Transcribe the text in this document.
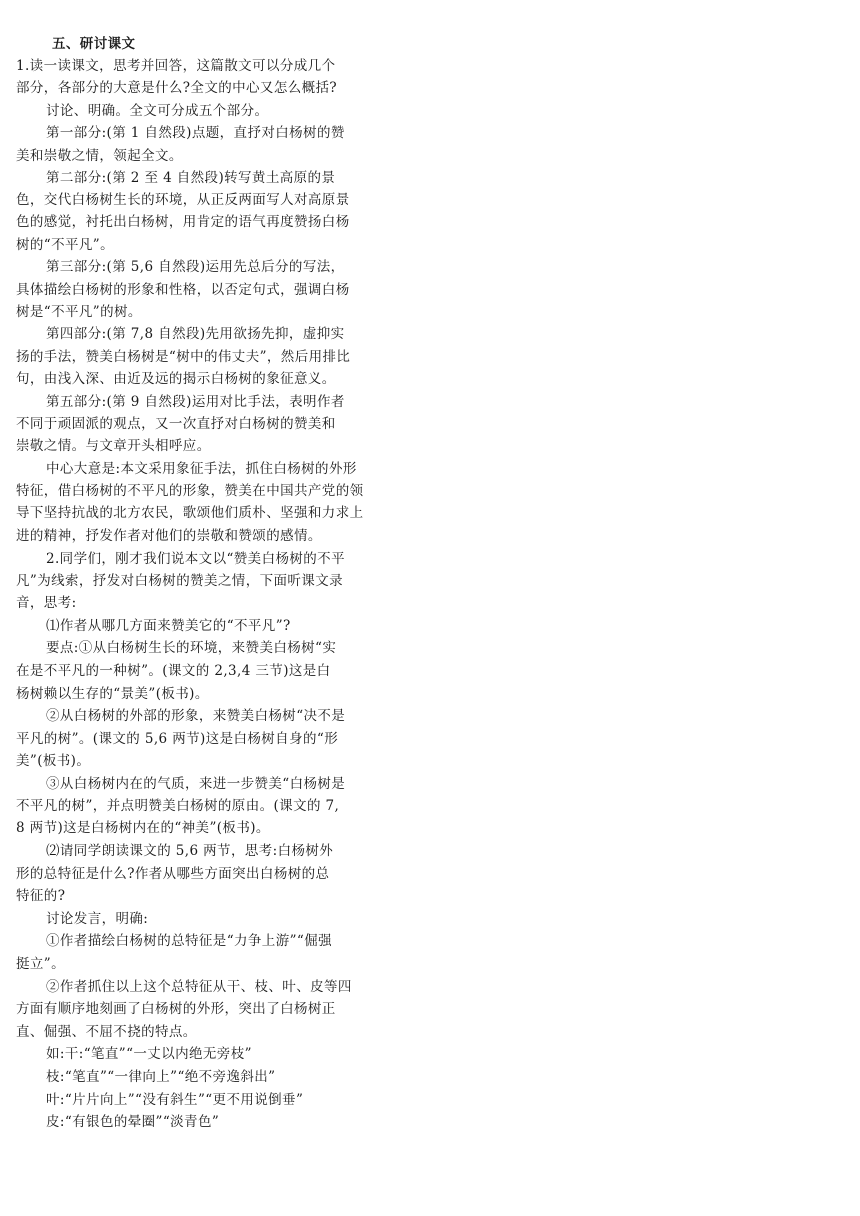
五、研讨课文
1.读一读课文，思考并回答，这篇散文可以分成几个
部分，各部分的大意是什么?全文的中心又怎么概括?
讨论、明确。全文可分成五个部分。
第一部分:(第 1 自然段)点题，直抒对白杨树的赞
美和崇敬之情，领起全文。
第二部分:(第 2 至 4 自然段)转写黄土高原的景
色，交代白杨树生长的环境，从正反两面写人对高原景
色的感觉，衬托出白杨树，用肯定的语气再度赞扬白杨
树的“不平凡”。
第三部分:(第 5,6 自然段)运用先总后分的写法，
具体描绘白杨树的形象和性格，以否定句式，强调白杨
树是“不平凡”的树。
第四部分:(第 7,8 自然段)先用欲扬先抑，虚抑实
扬的手法，赞美白杨树是“树中的伟丈夫”，然后用排比
句，由浅入深、由近及远的揭示白杨树的象征意义。
第五部分:(第 9 自然段)运用对比手法，表明作者
不同于顽固派的观点，又一次直抒对白杨树的赞美和
崇敬之情。与文章开头相呼应。
中心大意是:本文采用象征手法，抓住白杨树的外形
特征，借白杨树的不平凡的形象，赞美在中国共产党的领
导下坚持抗战的北方农民，歌颂他们质朴、坚强和力求上
进的精神，抒发作者对他们的崇敬和赞颂的感情。
2.同学们，刚才我们说本文以“赞美白杨树的不平
凡”为线索，抒发对白杨树的赞美之情，下面听课文录
音，思考:
⑴作者从哪几方面来赞美它的“不平凡”?
要点:①从白杨树生长的环境，来赞美白杨树“实
在是不平凡的一种树”。(课文的 2,3,4 三节)这是白
杨树赖以生存的“景美”(板书)。
②从白杨树的外部的形象，来赞美白杨树“决不是
平凡的树”。(课文的 5,6 两节)这是白杨树自身的“形
美”(板书)。
③从白杨树内在的气质，来进一步赞美“白杨树是
不平凡的树”，并点明赞美白杨树的原由。(课文的 7,
8 两节)这是白杨树内在的“神美”(板书)。
⑵请同学朗读课文的 5,6 两节，思考:白杨树外
形的总特征是什么?作者从哪些方面突出白杨树的总
特征的?
讨论发言，明确:
①作者描绘白杨树的总特征是“力争上游”“倔强
挺立”。
②作者抓住以上这个总特征从干、枝、叶、皮等四
方面有顺序地刻画了白杨树的外形，突出了白杨树正
直、倔强、不屈不挠的特点。
如:干:“笔直”“一丈以内绝无旁枝”
枝:“笔直”“一律向上”“绝不旁逸斜出”
叶:“片片向上”“没有斜生”“更不用说倒垂”
皮:“有银色的晕圈”“淡青色”
